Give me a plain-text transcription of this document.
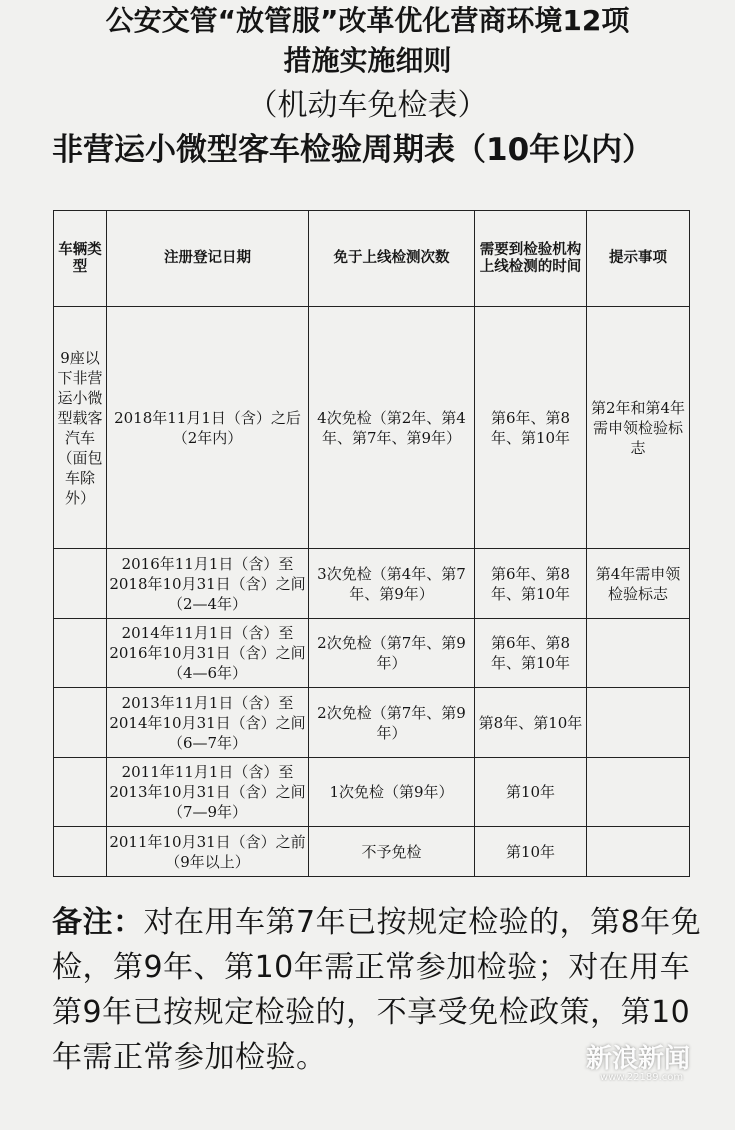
公安交管“放管服”改革优化营商环境12项
措施实施细则
（机动车免检表）
非营运小微型客车检验周期表（10年以内）
车辆类型	注册登记日期	免于上线检测次数	需要到检验机构上线检测的时间	提示事项
9座以下非营运小微型载客汽车（面包车除外）	2018年11月1日（含）之后（2年内）	4次免检（第2年、第4年、第7年、第9年）	第6年、第8年、第10年	第2年和第4年需申领检验标志
	2016年11月1日（含）至2018年10月31日（含）之间（2—4年）	3次免检（第4年、第7年、第9年）	第6年、第8年、第10年	第4年需申领检验标志
	2014年11月1日（含）至2016年10月31日（含）之间（4—6年）	2次免检（第7年、第9年）	第6年、第8年、第10年	
	2013年11月1日（含）至2014年10月31日（含）之间（6—7年）	2次免检（第7年、第9年）	第8年、第10年	
	2011年11月1日（含）至2013年10月31日（含）之间（7—9年）	1次免检（第9年）	第10年	
	2011年10月31日（含）之前（9年以上）	不予免检	第10年	
备注：对在用车第7年已按规定检验的，第8年免检，第9年、第10年需正常参加检验；对在用车第9年已按规定检验的，不享受免检政策，第10年需正常参加检验。	新浪新闻
www.22189.com
